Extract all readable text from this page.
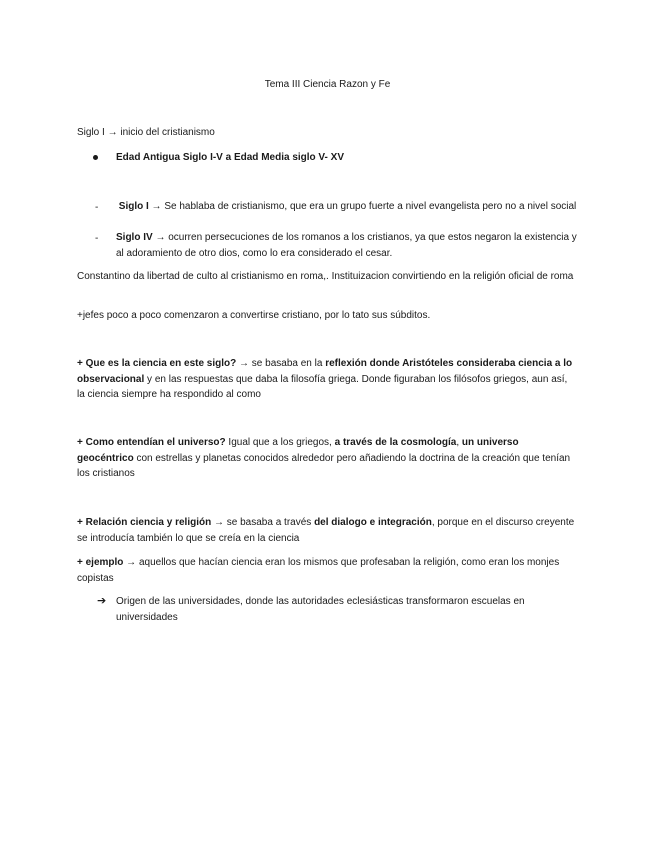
Tema III Ciencia Razon y Fe
Siglo I → inicio del cristianismo
Edad Antigua Siglo I-V a Edad Media siglo V- XV
- Siglo I → Se hablaba de cristianismo, que era un grupo fuerte a nivel evangelista pero no a nivel social
- Siglo IV → ocurren persecuciones de los romanos a los cristianos, ya que estos negaron la existencia y al adoramiento de otro dios, como lo era considerado el cesar.
Constantino da libertad de culto al cristianismo en roma,. Instituizacion convirtiendo en la religión oficial de roma
+jefes poco a poco comenzaron a convertirse cristiano, por lo tato sus súbditos.
+ Que es la ciencia en este siglo? → se basaba en la reflexión donde Aristóteles consideraba ciencia a lo observacional y en las respuestas que daba la filosofía griega. Donde figuraban los filósofos griegos, aun así, la ciencia siempre ha respondido al como
+ Como entendían el universo? Igual que a los griegos, a través de la cosmología, un universo geocéntrico con estrellas y planetas conocidos alrededor pero añadiendo la doctrina de la creación que tenían los cristianos
+ Relación ciencia y religión → se basaba a través del dialogo e integración, porque en el discurso creyente se introducía también lo que se creía en la ciencia
+ ejemplo → aquellos que hacían ciencia eran los mismos que profesaban la religión, como eran los monjes copistas
➔ Origen de las universidades, donde las autoridades eclesiásticas transformaron escuelas en universidades
